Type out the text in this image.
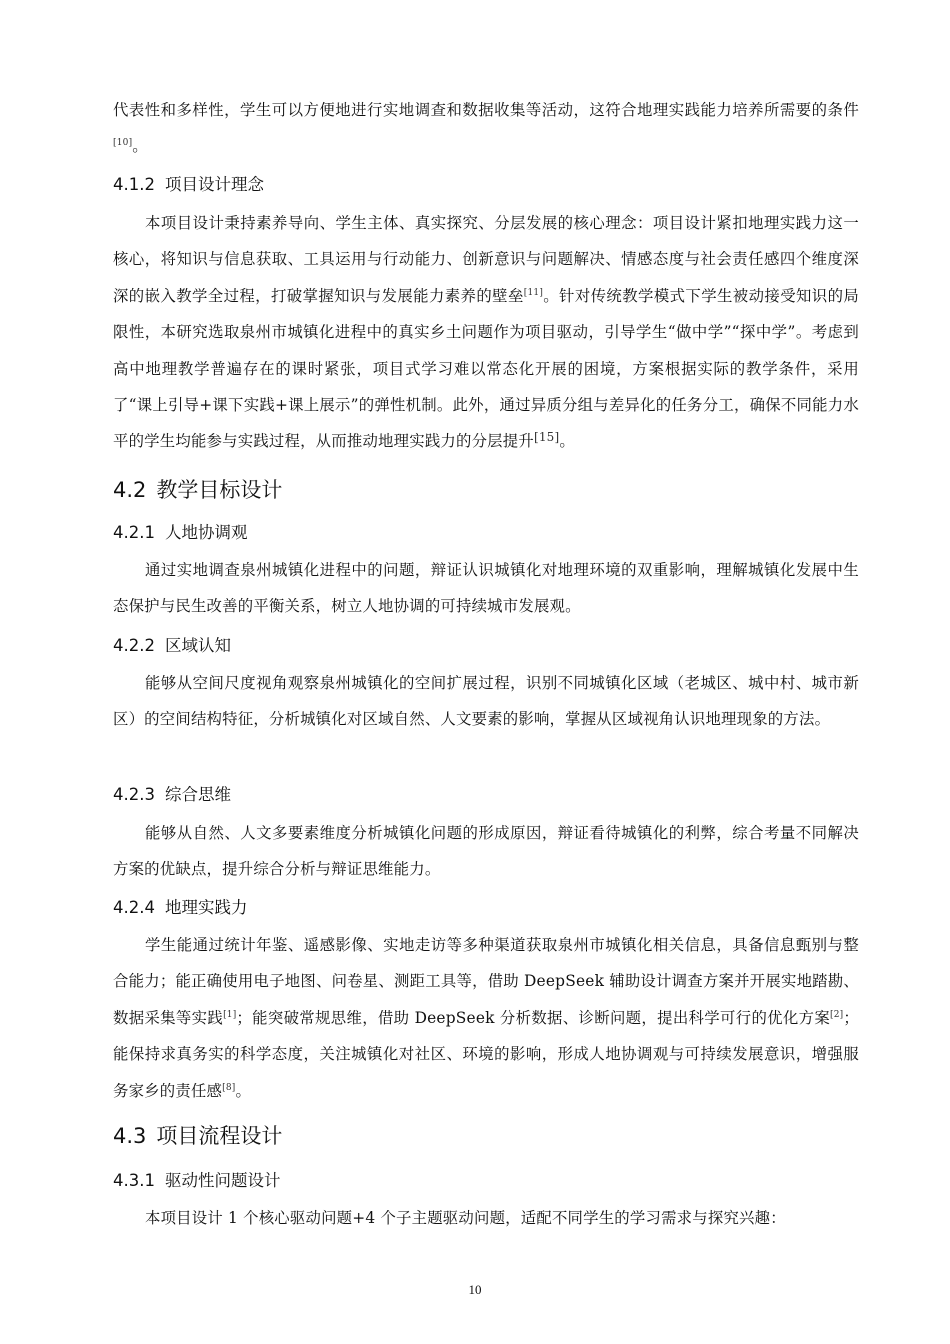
代表性和多样性，学生可以方便地进行实地调查和数据收集等活动，这符合地理实践能力培养所需要的条件[10]。

4.1.2 项目设计理念

本项目设计秉持素养导向、学生主体、真实探究、分层发展的核心理念：项目设计紧扣地理实践力这一核心，将知识与信息获取、工具运用与行动能力、创新意识与问题解决、情感态度与社会责任感四个维度深深的嵌入教学全过程，打破掌握知识与发展能力素养的壁垒[11]。针对传统教学模式下学生被动接受知识的局限性，本研究选取泉州市城镇化进程中的真实乡土问题作为项目驱动，引导学生“做中学”“探中学”。考虑到高中地理教学普遍存在的课时紧张，项目式学习难以常态化开展的困境，方案根据实际的教学条件，采用了“课上引导+课下实践+课上展示”的弹性机制。此外，通过异质分组与差异化的任务分工，确保不同能力水平的学生均能参与实践过程，从而推动地理实践力的分层提升[15]。

4.2 教学目标设计
4.2.1 人地协调观

通过实地调查泉州城镇化进程中的问题，辩证认识城镇化对地理环境的双重影响，理解城镇化发展中生态保护与民生改善的平衡关系，树立人地协调的可持续城市发展观。

4.2.2 区域认知

能够从空间尺度视角观察泉州城镇化的空间扩展过程，识别不同城镇化区域（老城区、城中村、城市新区）的空间结构特征，分析城镇化对区域自然、人文要素的影响，掌握从区域视角认识地理现象的方法。

4.2.3 综合思维

能够从自然、人文多要素维度分析城镇化问题的形成原因，辩证看待城镇化的利弊，综合考量不同解决方案的优缺点，提升综合分析与辩证思维能力。

4.2.4 地理实践力

学生能通过统计年鉴、遥感影像、实地走访等多种渠道获取泉州市城镇化相关信息，具备信息甄别与整合能力；能正确使用电子地图、问卷星、测距工具等，借助 DeepSeek 辅助设计调查方案并开展实地踏勘、数据采集等实践[1]；能突破常规思维，借助 DeepSeek 分析数据、诊断问题，提出科学可行的优化方案[2]；能保持求真务实的科学态度，关注城镇化对社区、环境的影响，形成人地协调观与可持续发展意识，增强服务家乡的责任感[8]。

4.3 项目流程设计
4.3.1 驱动性问题设计

本项目设计 1 个核心驱动问题+4 个子主题驱动问题，适配不同学生的学习需求与探究兴趣：

10
